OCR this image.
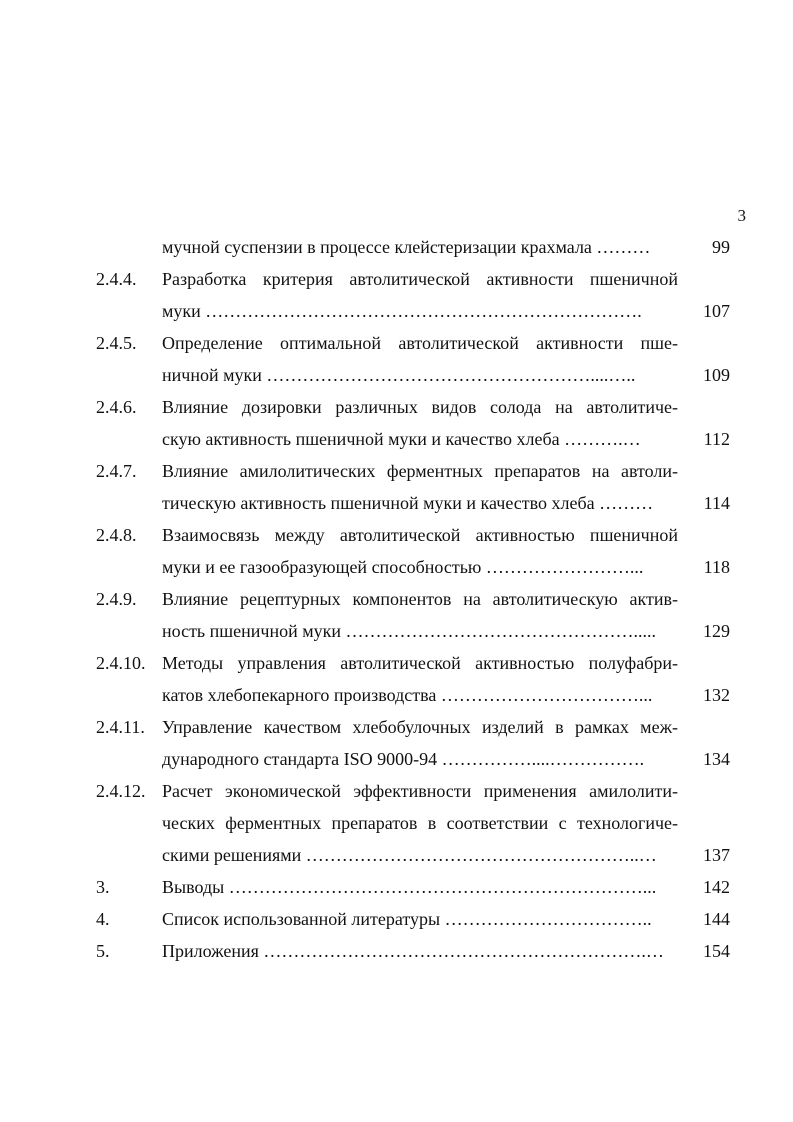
3
мучной суспензии в процессе клейстеризации крахмала ………	99
2.4.4. Разработка критерия автолитической активности пшеничной
муки ……………………………………………………………….	107
2.4.5. Определение оптимальной автолитической активности пше-
ничной муки ………………………………………………....…..	109
2.4.6. Влияние дозировки различных видов солода на автолитиче-
скую активность пшеничной муки и качество хлеба ……….…	112
2.4.7. Влияние амилолитических ферментных препаратов на автоли-
тическую активность пшеничной муки и качество хлеба ………	114
2.4.8. Взаимосвязь между автолитической активностью пшеничной
муки и ее газообразующей способностью ……………………...	118
2.4.9. Влияние рецептурных компонентов на автолитическую актив-
ность пшеничной муки ………………………………………….....	129
2.4.10. Методы управления автолитической активностью полуфабри-
катов хлебопекарного производства ……………………………...	132
2.4.11. Управление качеством хлебобулочных изделий в рамках меж-
дународного стандарта ISO 9000-94 ……………....…………….	134
2.4.12. Расчет экономической эффективности применения амилолити-
ческих ферментных препаратов в соответствии с технологиче-
скими решениями ………………………………………………..…	137
3.	Выводы ……………………………………………………………...	142
4.	Список использованной литературы ……………………………..	144
5.	Приложения ……………………………………………………….…	154
